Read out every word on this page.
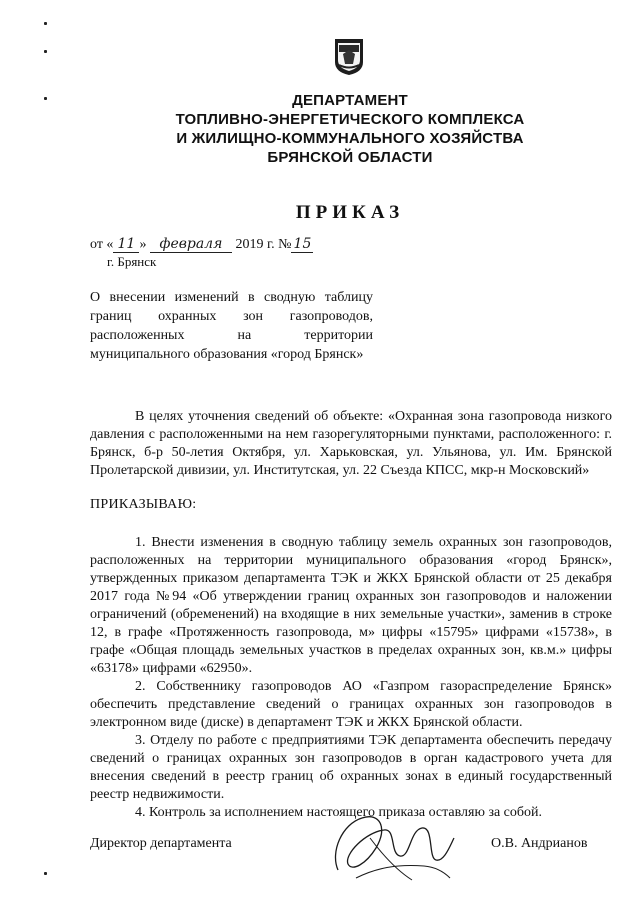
ДЕПАРТАМЕНТ
ТОПЛИВНО-ЭНЕРГЕТИЧЕСКОГО КОМПЛЕКСА
И ЖИЛИЩНО-КОММУНАЛЬНОГО ХОЗЯЙСТВА
БРЯНСКОЙ ОБЛАСТИ
ПРИКАЗ
от « 11 » февраля 2019 г. № 15
г. Брянск
О внесении изменений в сводную таблицу границ охранных зон газопроводов, расположенных на территории муниципального образования «город Брянск»

В целях уточнения сведений об объекте: «Охранная зона газопровода низкого давления с расположенными на нем газорегуляторными пунктами, расположенного: г. Брянск, б-р 50-летия Октября, ул. Харьковская, ул. Ульянова, ул. Им. Брянской Пролетарской дивизии, ул. Институтская, ул. 22 Съезда КПСС, мкр-н Московский»

ПРИКАЗЫВАЮ:

1. Внести изменения в сводную таблицу земель охранных зон газопроводов, расположенных на территории муниципального образования «город Брянск», утвержденных приказом департамента ТЭК и ЖКХ Брянской области от 25 декабря 2017 года №94 «Об утверждении границ охранных зон газопроводов и наложении ограничений (обременений) на входящие в них земельные участки», заменив в строке 12, в графе «Протяженность газопровода, м» цифры «15795» цифрами «15738», в графе «Общая площадь земельных участков в пределах охранных зон, кв.м.» цифры «63178» цифрами «62950».

2. Собственнику газопроводов АО «Газпром газораспределение Брянск» обеспечить представление сведений о границах охранных зон газопроводов в электронном виде (диске) в департамент ТЭК и ЖКХ Брянской области.

3. Отделу по работе с предприятиями ТЭК департамента обеспечить передачу сведений о границах охранных зон газопроводов в орган кадастрового учета для внесения сведений в реестр границ об охранных зонах в единый государственный реестр недвижимости.

4. Контроль за исполнением настоящего приказа оставляю за собой.

Директор департамента	О.В. Андрианов
